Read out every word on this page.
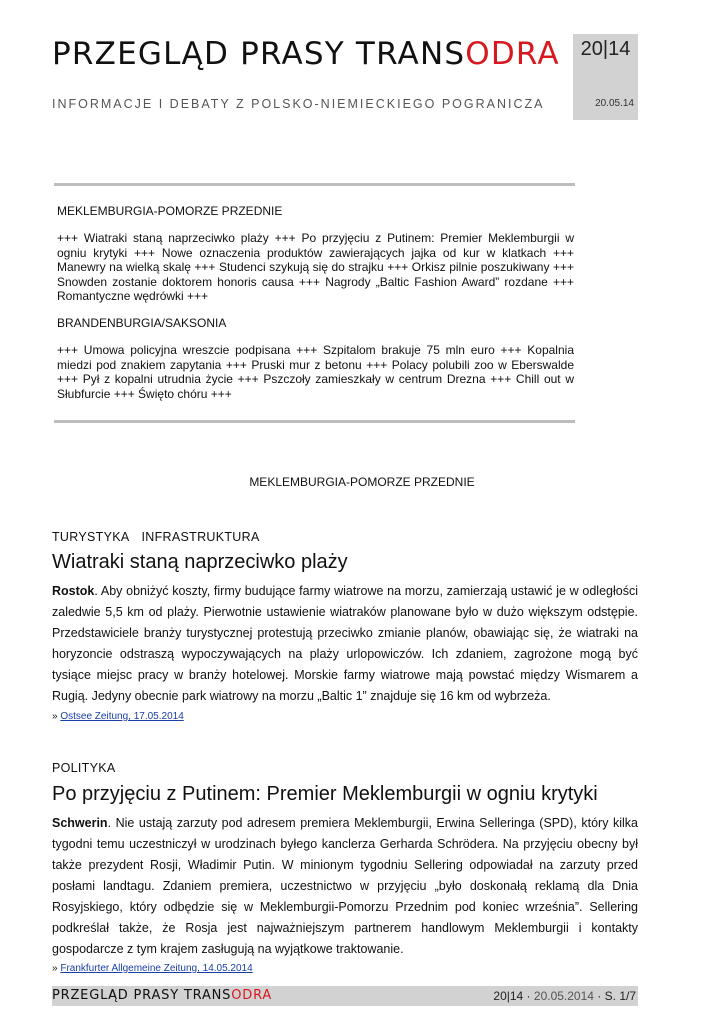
PRZEGLĄD PRASY TRANSODRA
INFORMACJE I DEBATY Z POLSKO-NIEMIECKIEGO POGRANICZA
20|14
20.05.14
MEKLEMBURGIA-POMORZE PRZEDNIE
+++ Wiatraki staną naprzeciwko plaży +++ Po przyjęciu z Putinem: Premier Meklemburgii w ogniu krytyki +++ Nowe oznaczenia produktów zawierających jajka od kur w klatkach +++ Manewry na wielką skalę +++ Studenci szykują się do strajku +++ Orkisz pilnie poszukiwany +++ Snowden zostanie doktorem honoris causa +++ Nagrody „Baltic Fashion Award” rozdane +++ Romantyczne wędrówki +++
BRANDENBURGIA/SAKSONIA
+++ Umowa policyjna wreszcie podpisana +++ Szpitalom brakuje 75 mln euro +++ Kopalnia miedzi pod znakiem zapytania +++ Pruski mur z betonu +++ Polacy polubili zoo w Eberswalde +++ Pył z kopalni utrudnia życie +++ Pszczoły zamieszkały w centrum Drezna +++ Chill out w Słubfurcie +++ Święto chóru +++
MEKLEMBURGIA-POMORZE PRZEDNIE
TURYSTYKA INFRASTRUKTURA
Wiatraki staną naprzeciwko plaży
Rostok. Aby obniżyć koszty, firmy budujące farmy wiatrowe na morzu, zamierzają ustawić je w odległości zaledwie 5,5 km od plaży. Pierwotnie ustawienie wiatraków planowane było w dużo większym odstępie. Przedstawiciele branży turystycznej protestują przeciwko zmianie planów, obawiając się, że wiatraki na horyzoncie odstraszą wypoczywających na plaży urlopowiczów. Ich zdaniem, zagrożone mogą być tysiące miejsc pracy w branży hotelowej. Morskie farmy wiatrowe mają powstać między Wismarem a Rugią. Jedyny obecnie park wiatrowy na morzu „Baltic 1” znajduje się 16 km od wybrzeża.
» Ostsee Zeitung, 17.05.2014
POLITYKA
Po przyjęciu z Putinem: Premier Meklemburgii w ogniu krytyki
Schwerin. Nie ustają zarzuty pod adresem premiera Meklemburgii, Erwina Selleringa (SPD), który kilka tygodni temu uczestniczył w urodzinach byłego kanclerza Gerharda Schrödera. Na przyjęciu obecny był także prezydent Rosji, Władimir Putin. W minionym tygodniu Sellering odpowiadał na zarzuty przed posłami landtagu. Zdaniem premiera, uczestnictwo w przyjęciu „było doskonałą reklamą dla Dnia Rosyjskiego, który odbędzie się w Meklemburgii-Pomorzu Przednim pod koniec września”. Sellering podkreślał także, że Rosja jest najważniejszym partnerem handlowym Meklemburgii i kontakty gospodarcze z tym krajem zasługują na wyjątkowe traktowanie.
» Frankfurter Allgemeine Zeitung, 14.05.2014
PRZEGLĄD PRASY TRANSODRA	20|14 · 20.05.2014 · S. 1/7
